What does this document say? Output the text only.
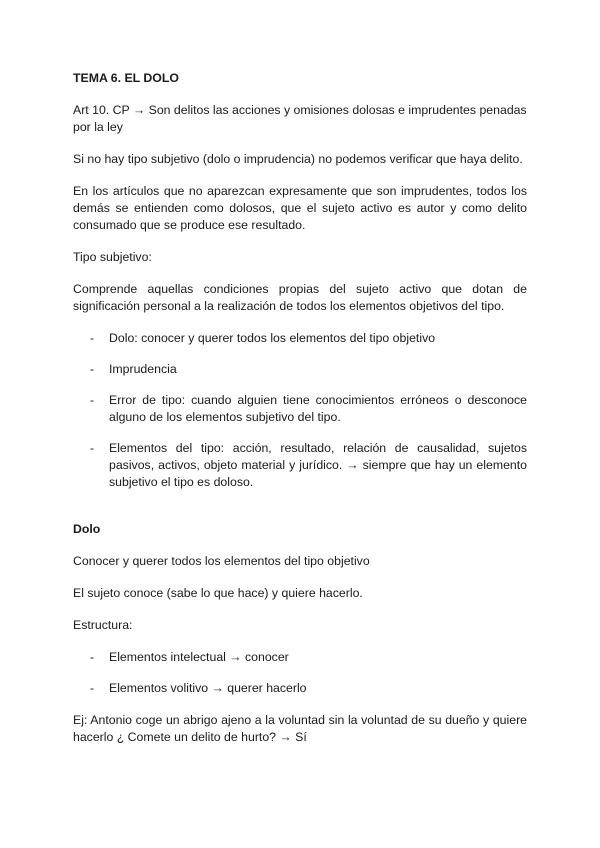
TEMA 6. EL DOLO

Art 10. CP → Son delitos las acciones y omisiones dolosas e imprudentes penadas por la ley

Si no hay tipo subjetivo (dolo o imprudencia) no podemos verificar que haya delito.

En los artículos que no aparezcan expresamente que son imprudentes, todos los demás se entienden como dolosos, que el sujeto activo es autor y como delito consumado que se produce ese resultado.

Tipo subjetivo:

Comprende aquellas condiciones propias del sujeto activo que dotan de significación personal a la realización de todos los elementos objetivos del tipo.

- Dolo: conocer y querer todos los elementos del tipo objetivo
- Imprudencia
- Error de tipo: cuando alguien tiene conocimientos erróneos o desconoce alguno de los elementos subjetivo del tipo.
- Elementos del tipo: acción, resultado, relación de causalidad, sujetos pasivos, activos, objeto material y jurídico. → siempre que hay un elemento subjetivo el tipo es doloso.
Dolo

Conocer y querer todos los elementos del tipo objetivo

El sujeto conoce (sabe lo que hace) y quiere hacerlo.

Estructura:

- Elementos intelectual → conocer
- Elementos volitivo → querer hacerlo

Ej: Antonio coge un abrigo ajeno a la voluntad sin la voluntad de su dueño y quiere hacerlo ¿ Comete un delito de hurto? → Sí
